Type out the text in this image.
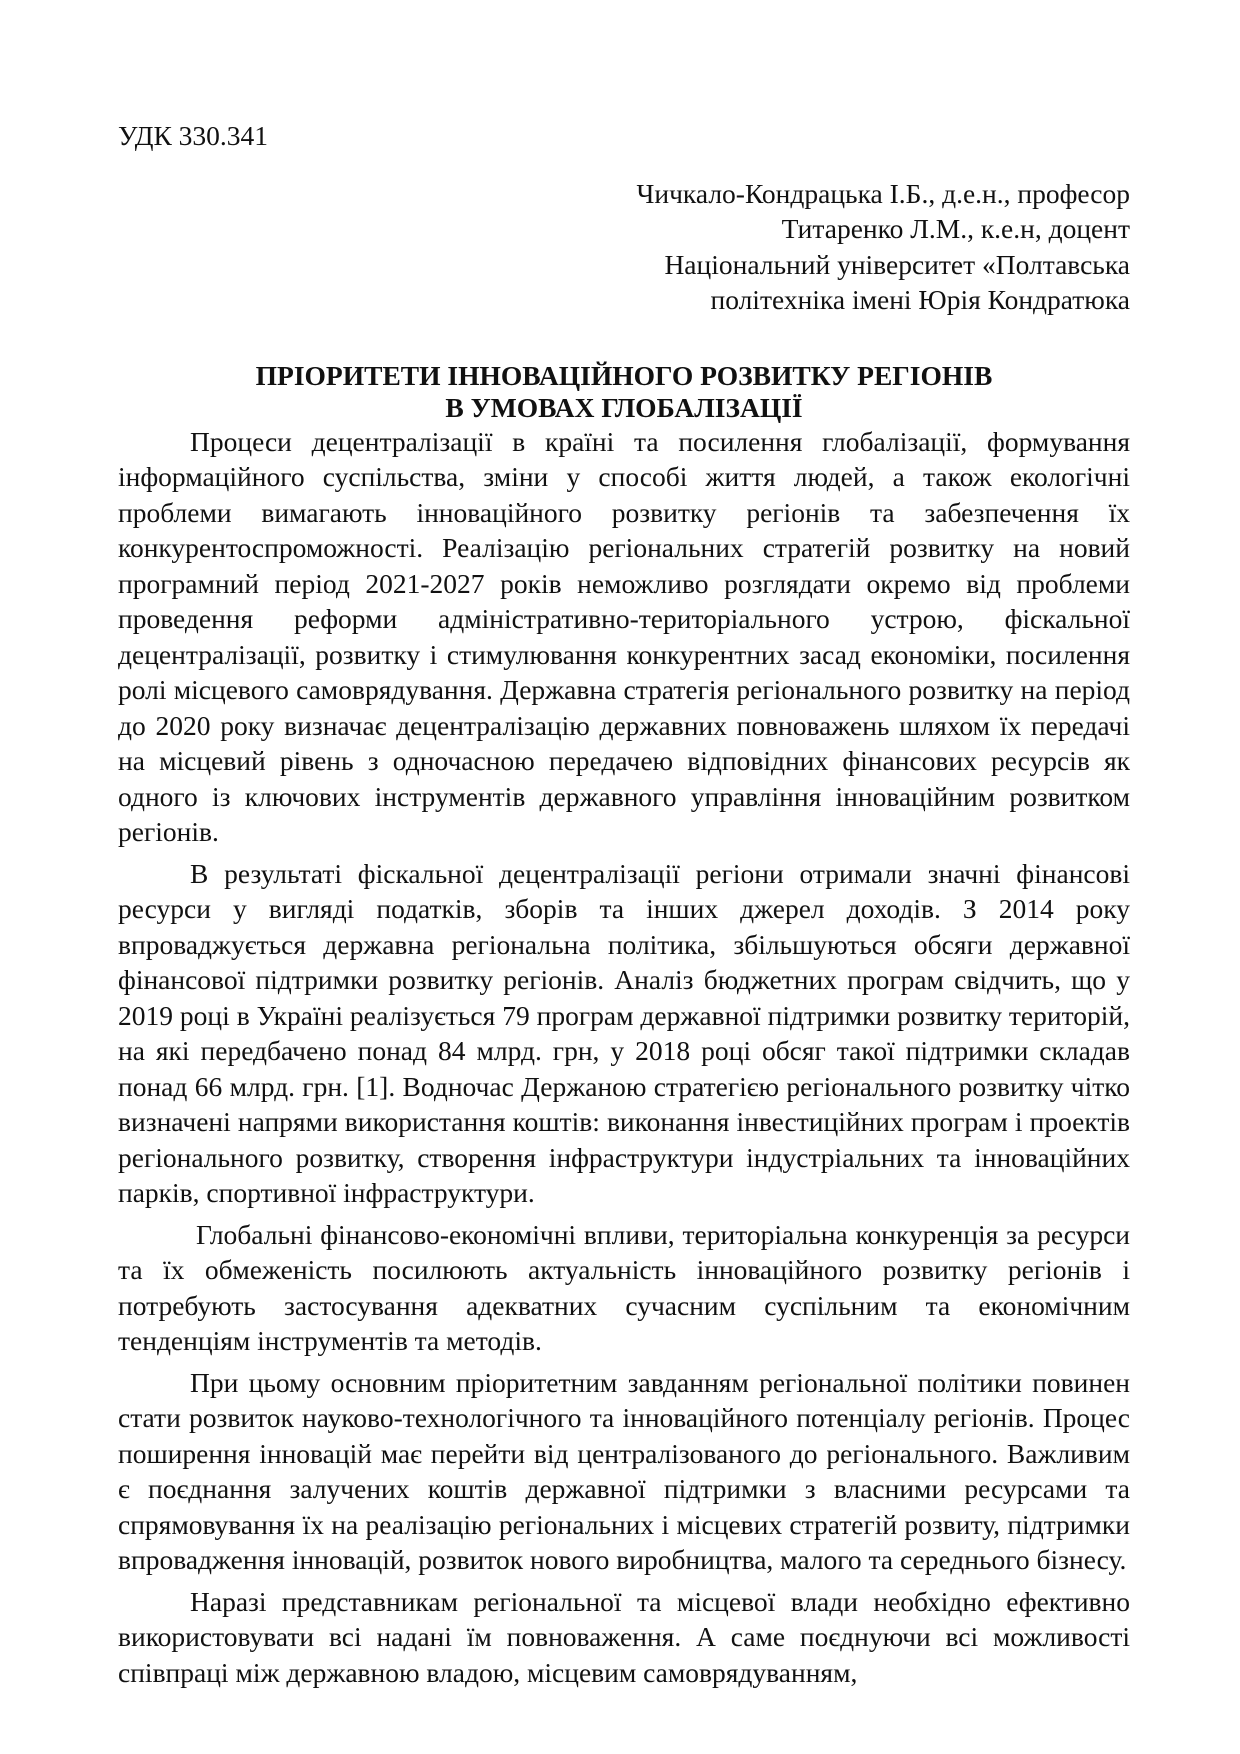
УДК 330.341
Чичкало-Кондрацька І.Б., д.е.н., професор
Титаренко Л.М., к.е.н, доцент
Національний університет «Полтавська
політехніка імені Юрія Кондратюка
ПРІОРИТЕТИ ІННОВАЦІЙНОГО РОЗВИТКУ РЕГІОНІВ
В УМОВАХ ГЛОБАЛІЗАЦІЇ

Процеси децентралізації в країні та посилення глобалізації, формування інформаційного суспільства, зміни у способі життя людей, а також екологічні проблеми вимагають інноваційного розвитку регіонів та забезпечення їх конкурентоспроможності. Реалізацію регіональних стратегій розвитку на новий програмний період 2021-2027 років неможливо розглядати окремо від проблеми проведення реформи адміністративно-територіального устрою, фіскальної децентралізації, розвитку і стимулювання конкурентних засад економіки, посилення ролі місцевого самоврядування. Державна стратегія регіонального розвитку на період до 2020 року визначає децентралізацію державних повноважень шляхом їх передачі на місцевий рівень з одночасною передачею відповідних фінансових ресурсів як одного із ключових інструментів державного управління інноваційним розвитком регіонів.

В результаті фіскальної децентралізації регіони отримали значні фінансові ресурси у вигляді податків, зборів та інших джерел доходів. З 2014 року впроваджується державна регіональна політика, збільшуються обсяги державної фінансової підтримки розвитку регіонів. Аналіз бюджетних програм свідчить, що у 2019 році в Україні реалізується 79 програм державної підтримки розвитку територій, на які передбачено понад 84 млрд. грн, у 2018 році обсяг такої підтримки складав понад 66 млрд. грн. [1]. Водночас Держаною стратегією регіонального розвитку чітко визначені напрями використання коштів: виконання інвестиційних програм і проектів регіонального розвитку, створення інфраструктури індустріальних та інноваційних парків, спортивної інфраструктури.

Глобальні фінансово-економічні впливи, територіальна конкуренція за ресурси та їх обмеженість посилюють актуальність інноваційного розвитку регіонів і потребують застосування адекватних сучасним суспільним та економічним тенденціям інструментів та методів.

При цьому основним пріоритетним завданням регіональної політики повинен стати розвиток науково-технологічного та інноваційного потенціалу регіонів. Процес поширення інновацій має перейти від централізованого до регіонального. Важливим є поєднання залучених коштів державної підтримки з власними ресурсами та спрямовування їх на реалізацію регіональних і місцевих стратегій розвиту, підтримки впровадження інновацій, розвиток нового виробництва, малого та середнього бізнесу.

Наразі представникам регіональної та місцевої влади необхідно ефективно використовувати всі надані їм повноваження. А саме поєднуючи всі можливості співпраці між державною владою, місцевим самоврядуванням,
